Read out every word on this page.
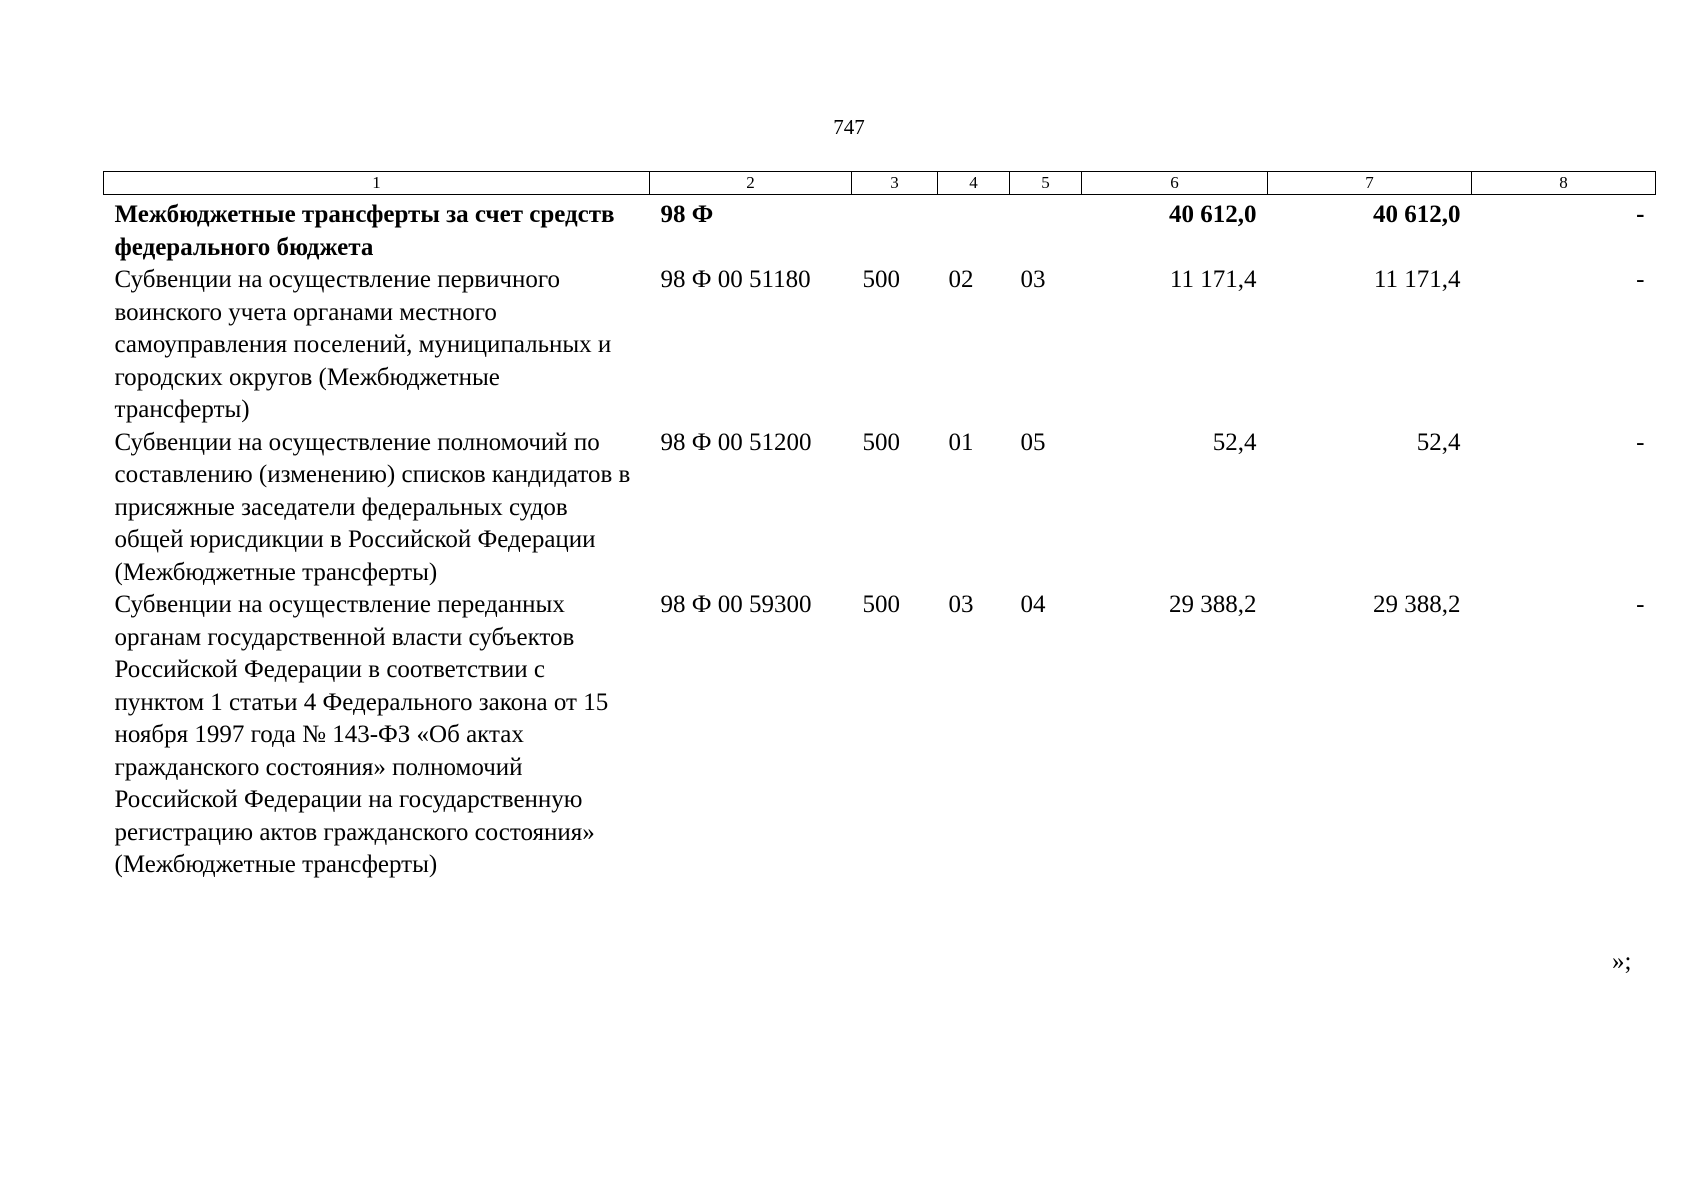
747
1	2	3	4	5	6	7	8
Межбюджетные трансферты за счет средств федерального бюджета	98 Ф				40 612,0	40 612,0	-
Субвенции на осуществление первичного воинского учета органами местного самоуправления поселений, муниципальных и городских округов (Межбюджетные трансферты)	98 Ф 00 51180	500	02	03	11 171,4	11 171,4	-
Субвенции на осуществление полномочий по составлению (изменению) списков кандидатов в присяжные заседатели федеральных судов общей юрисдикции в Российской Федерации (Межбюджетные трансферты)	98 Ф 00 51200	500	01	05	52,4	52,4	-
Субвенции на осуществление переданных органам государственной власти субъектов Российской Федерации в соответствии с пунктом 1 статьи 4 Федерального закона от 15 ноября 1997 года № 143-ФЗ «Об актах гражданского состояния» полномочий Российской Федерации на государственную регистрацию актов гражданского состояния» (Межбюджетные трансферты)	98 Ф 00 59300	500	03	04	29 388,2	29 388,2	-
»;
